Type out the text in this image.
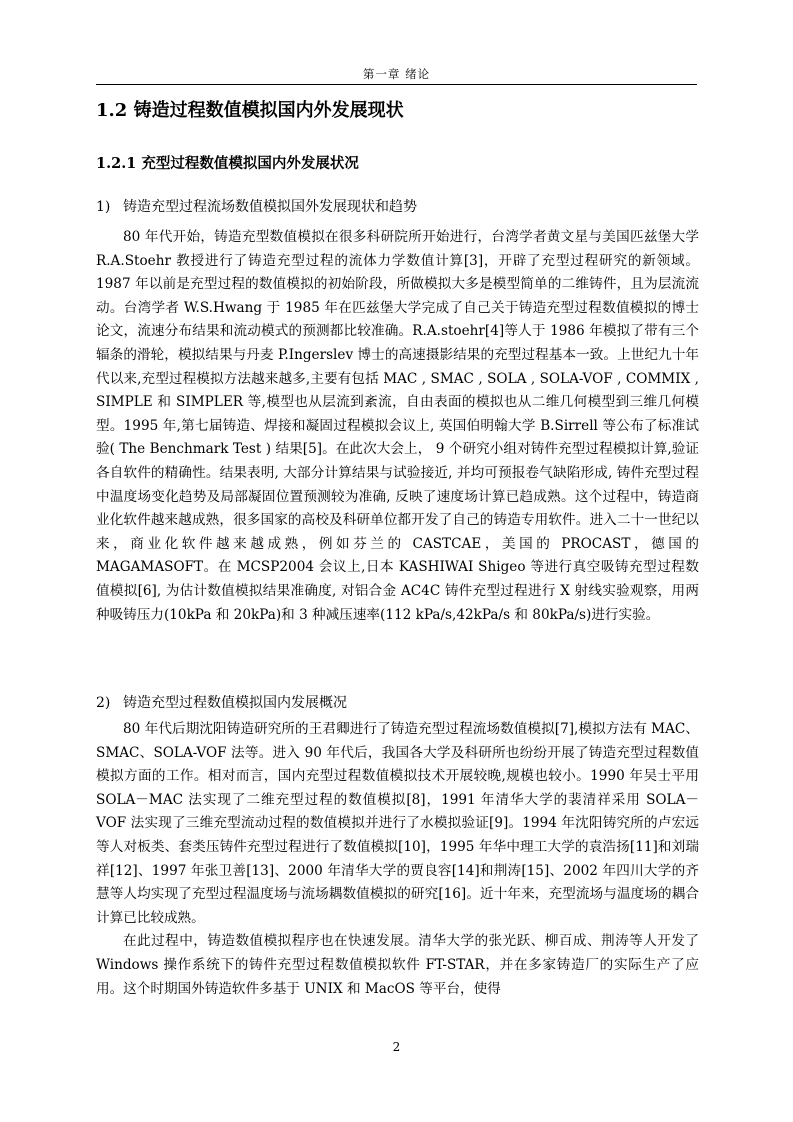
第一章 绪论
1.2 铸造过程数值模拟国内外发展现状
1.2.1 充型过程数值模拟国内外发展状况
1) 铸造充型过程流场数值模拟国外发展现状和趋势

80 年代开始，铸造充型数值模拟在很多科研院所开始进行，台湾学者黄文星与美国匹兹堡大学 R.A.Stoehr 教授进行了铸造充型过程的流体力学数值计算[3]，开辟了充型过程研究的新领域。1987 年以前是充型过程的数值模拟的初始阶段，所做模拟大多是模型简单的二维铸件，且为层流流动。台湾学者 W.S.Hwang 于 1985 年在匹兹堡大学完成了自己关于铸造充型过程数值模拟的博士论文，流速分布结果和流动模式的预测都比较准确。R.A.stoehr[4]等人于 1986 年模拟了带有三个辐条的滑轮，模拟结果与丹麦 P.Ingerslev 博士的高速摄影结果的充型过程基本一致。上世纪九十年代以来,充型过程模拟方法越来越多,主要有包括 MAC , SMAC , SOLA , SOLA-VOF , COMMIX , SIMPLE 和 SIMPLER 等,模型也从层流到紊流，自由表面的模拟也从二维几何模型到三维几何模型。1995 年,第七届铸造、焊接和凝固过程模拟会议上, 英国伯明翰大学 B.Sirrell 等公布了标准试验( The Benchmark Test ) 结果[5]。在此次大会上， 9 个研究小组对铸件充型过程模拟计算,验证各自软件的精确性。结果表明, 大部分计算结果与试验接近, 并均可预报卷气缺陷形成, 铸件充型过程中温度场变化趋势及局部凝固位置预测较为准确, 反映了速度场计算已趋成熟。这个过程中，铸造商业化软件越来越成熟，很多国家的高校及科研单位都开发了自己的铸造专用软件。进入二十一世纪以来，商业化软件越来越成熟，例如芬兰的 CASTCAE，美国的 PROCAST，德国的 MAGAMASOFT。在 MCSP2004 会议上,日本 KASHIWAI Shigeo 等进行真空吸铸充型过程数值模拟[6], 为估计数值模拟结果准确度, 对铝合金 AC4C 铸件充型过程进行 X 射线实验观察，用两种吸铸压力(10kPa 和 20kPa)和 3 种减压速率(112 kPa/s,42kPa/s 和 80kPa/s)进行实验。

2) 铸造充型过程数值模拟国内发展概况

80 年代后期沈阳铸造研究所的王君卿进行了铸造充型过程流场数值模拟[7],模拟方法有 MAC、SMAC、SOLA-VOF 法等。进入 90 年代后，我国各大学及科研所也纷纷开展了铸造充型过程数值模拟方面的工作。相对而言，国内充型过程数值模拟技术开展较晚,规模也较小。1990 年吴士平用 SOLA－MAC 法实现了二维充型过程的数值模拟[8]，1991 年清华大学的裴清祥采用 SOLA－VOF 法实现了三维充型流动过程的数值模拟并进行了水模拟验证[9]。1994 年沈阳铸究所的卢宏远等人对板类、套类压铸件充型过程进行了数值模拟[10]，1995 年华中理工大学的袁浩扬[11]和刘瑞祥[12]、1997 年张卫善[13]、2000 年清华大学的贾良容[14]和荆涛[15]、2002 年四川大学的齐慧等人均实现了充型过程温度场与流场耦数值模拟的研究[16]。近十年来，充型流场与温度场的耦合计算已比较成熟。

在此过程中，铸造数值模拟程序也在快速发展。清华大学的张光跃、柳百成、荆涛等人开发了 Windows 操作系统下的铸件充型过程数值模拟软件 FT-STAR，并在多家铸造厂的实际生产了应用。这个时期国外铸造软件多基于 UNIX 和 MacOS 等平台，使得

2
